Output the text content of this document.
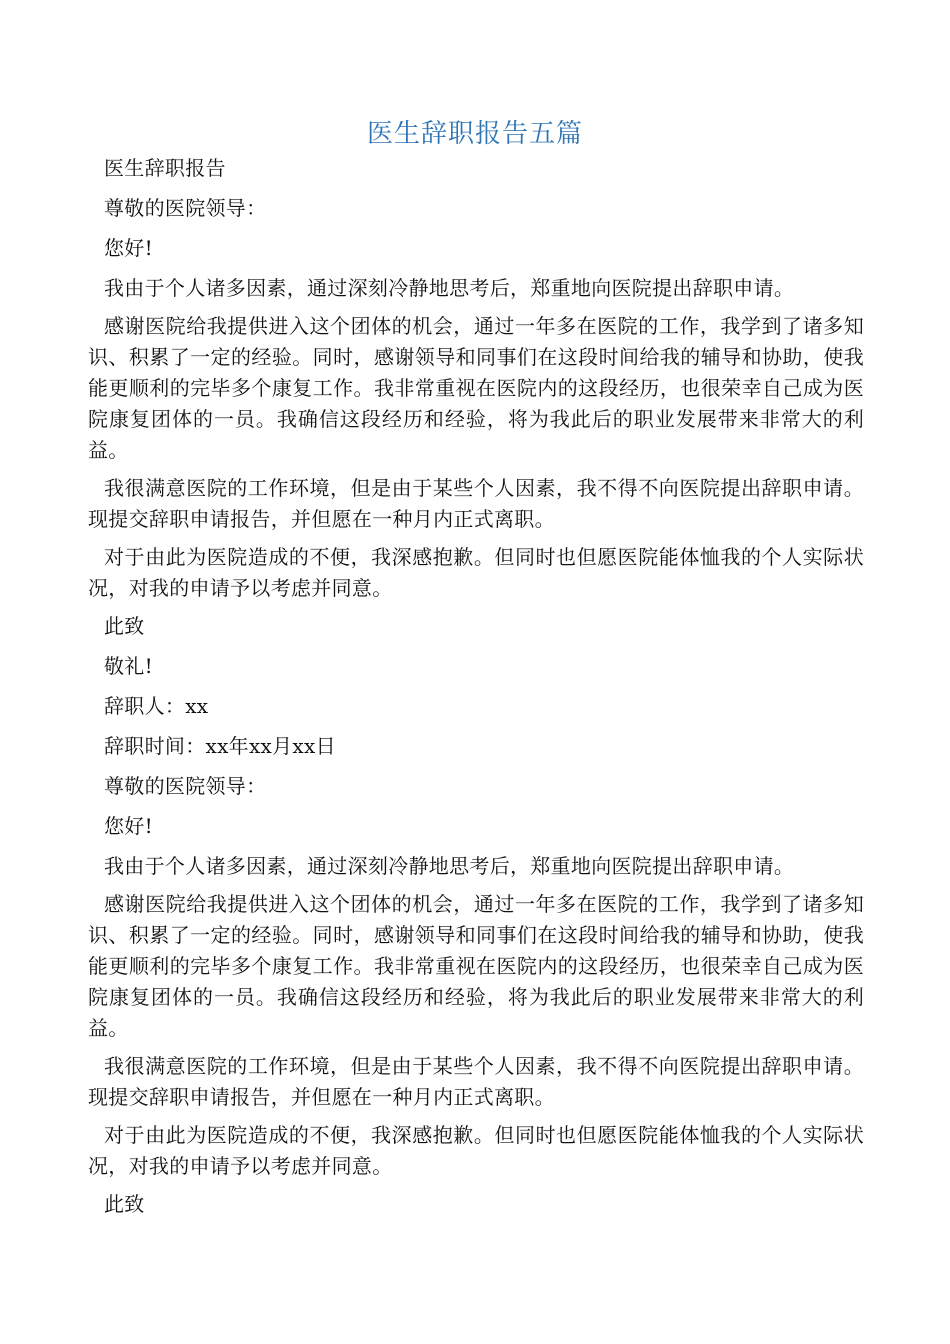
医生辞职报告五篇

医生辞职报告

尊敬的医院领导：

您好!

我由于个人诸多因素，通过深刻冷静地思考后，郑重地向医院提出辞职申请。

感谢医院给我提供进入这个团体的机会，通过一年多在医院的工作，我学到了诸多知识、积累了一定的经验。同时，感谢领导和同事们在这段时间给我的辅导和协助，使我能更顺利的完毕多个康复工作。我非常重视在医院内的这段经历，也很荣幸自己成为医院康复团体的一员。我确信这段经历和经验，将为我此后的职业发展带来非常大的利益。

我很满意医院的工作环境，但是由于某些个人因素，我不得不向医院提出辞职申请。现提交辞职申请报告，并但愿在一种月内正式离职。

对于由此为医院造成的不便，我深感抱歉。但同时也但愿医院能体恤我的个人实际状况，对我的申请予以考虑并同意。

此致

敬礼!

辞职人：xx

辞职时间：xx年xx月xx日

尊敬的医院领导：

您好!

我由于个人诸多因素，通过深刻冷静地思考后，郑重地向医院提出辞职申请。

感谢医院给我提供进入这个团体的机会，通过一年多在医院的工作，我学到了诸多知识、积累了一定的经验。同时，感谢领导和同事们在这段时间给我的辅导和协助，使我能更顺利的完毕多个康复工作。我非常重视在医院内的这段经历，也很荣幸自己成为医院康复团体的一员。我确信这段经历和经验，将为我此后的职业发展带来非常大的利益。

我很满意医院的工作环境，但是由于某些个人因素，我不得不向医院提出辞职申请。现提交辞职申请报告，并但愿在一种月内正式离职。

对于由此为医院造成的不便，我深感抱歉。但同时也但愿医院能体恤我的个人实际状况，对我的申请予以考虑并同意。

此致
